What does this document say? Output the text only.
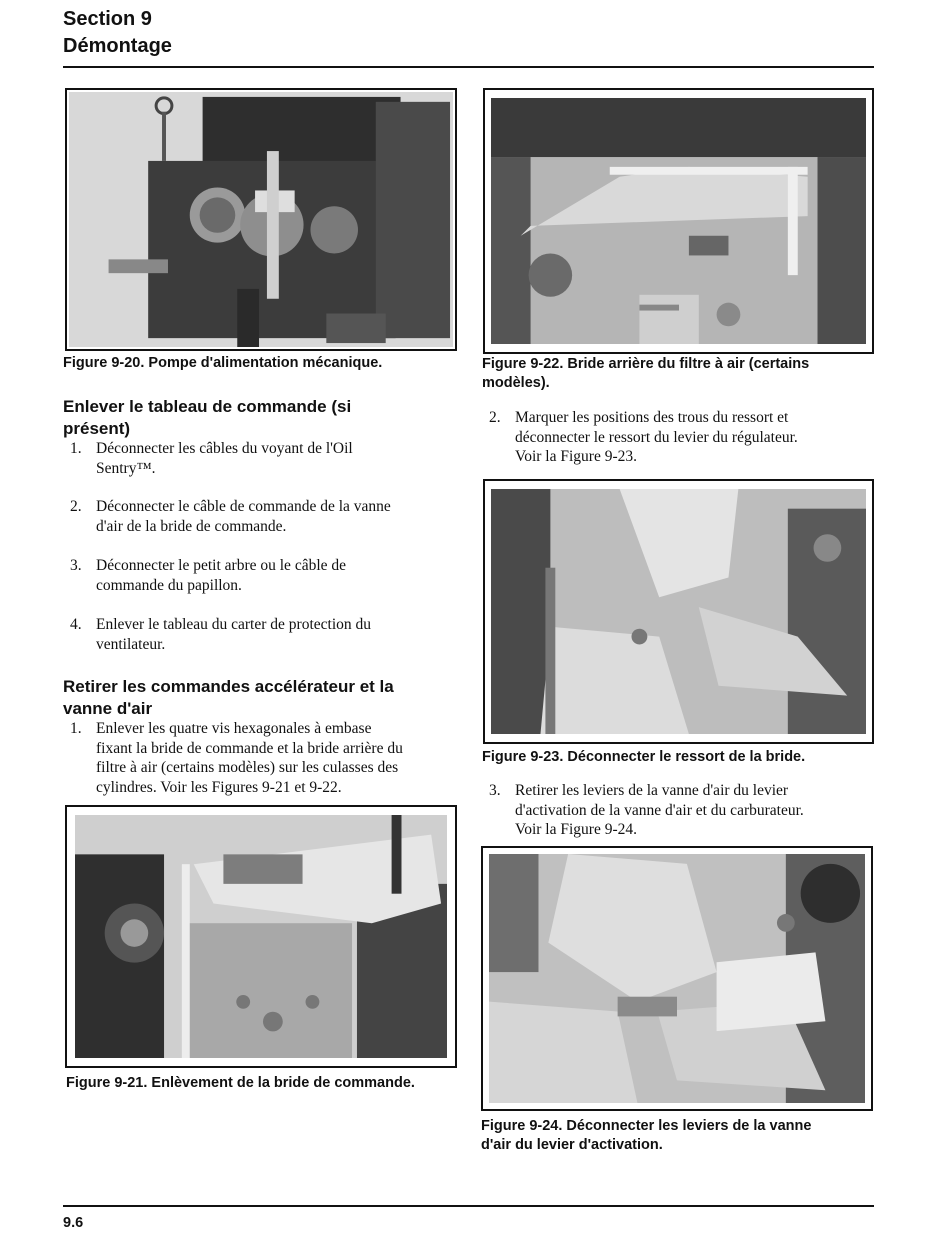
Section 9
Démontage
Figure 9-20. Pompe d'alimentation mécanique.
Enlever le tableau de commande (si
présent)
1. Déconnecter les câbles du voyant de l'Oil
Sentry™.
2. Déconnecter le câble de commande de la vanne
d'air de la bride de commande.
3. Déconnecter le petit arbre ou le câble de
commande du papillon.
4. Enlever le tableau du carter de protection du
ventilateur.
Retirer les commandes accélérateur et la
vanne d'air
1. Enlever les quatre vis hexagonales à embase
fixant la bride de commande et la bride arrière du
filtre à air (certains modèles) sur les culasses des
cylindres. Voir les Figures 9-21 et 9-22.
Figure 9-21. Enlèvement de la bride de commande.
Figure 9-22. Bride arrière du filtre à air (certains
modèles).
2. Marquer les positions des trous du ressort et
déconnecter le ressort du levier du régulateur.
Voir la Figure 9-23.
Figure 9-23. Déconnecter le ressort de la bride.
3. Retirer les leviers de la vanne d'air du levier
d'activation de la vanne d'air et du carburateur.
Voir la Figure 9-24.
Figure 9-24. Déconnecter les leviers de la vanne
d'air du levier d'activation.
9.6
